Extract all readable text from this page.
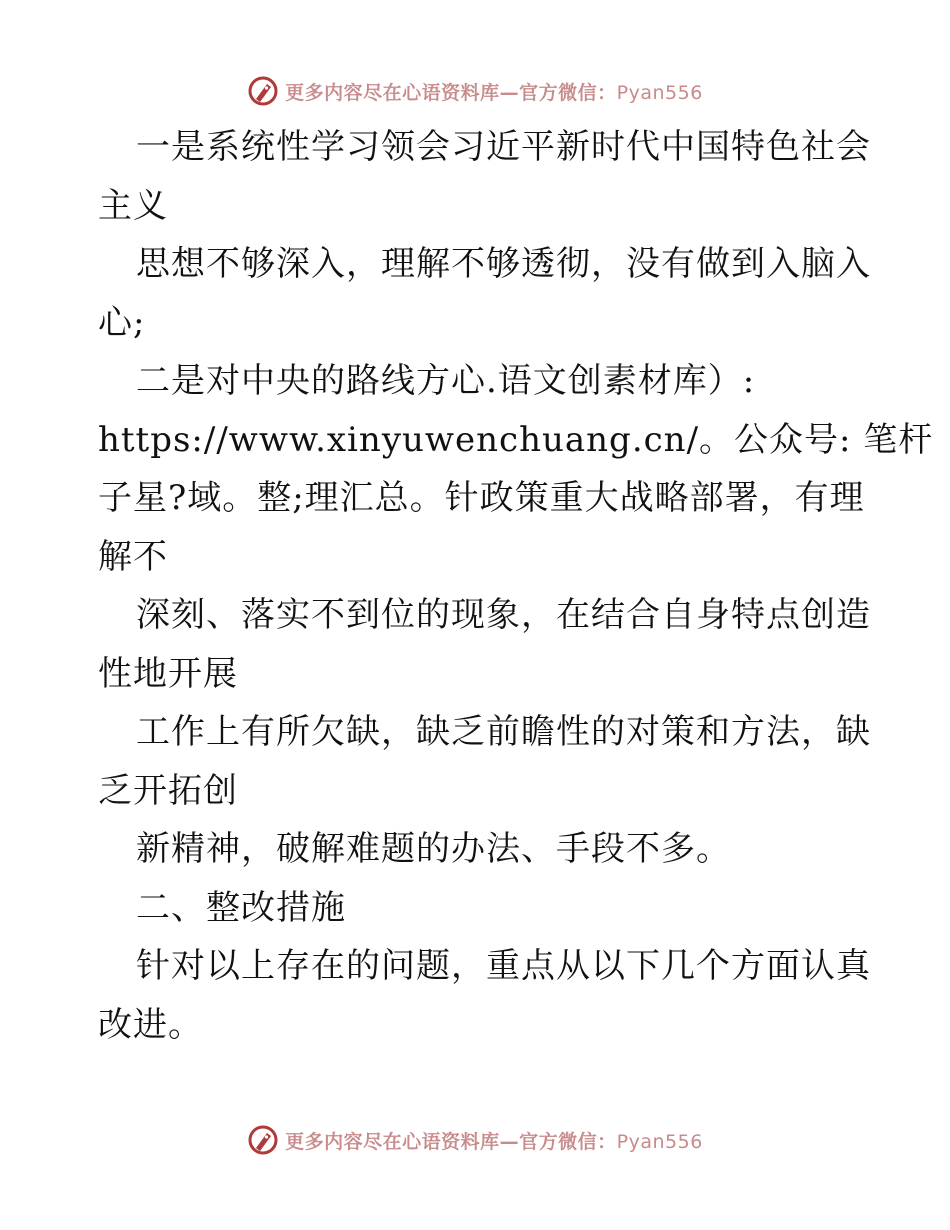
更多内容尽在心语资料库—官方微信：Pyan556
一是系统性学习领会习近平新时代中国特色社会
主义
思想不够深入，理解不够透彻，没有做到入脑入
心;
二是对中央的路线方心.语文创素材库）:
https://www.xinyuwenchuang.cn/。公众号: 笔杆
子星?域。整;理汇总。针政策重大战略部署，有理
解不
深刻、落实不到位的现象，在结合自身特点创造
性地开展
工作上有所欠缺，缺乏前瞻性的对策和方法，缺
乏开拓创
新精神，破解难题的办法、手段不多。
二、整改措施
针对以上存在的问题，重点从以下几个方面认真
改进。
更多内容尽在心语资料库—官方微信：Pyan556
